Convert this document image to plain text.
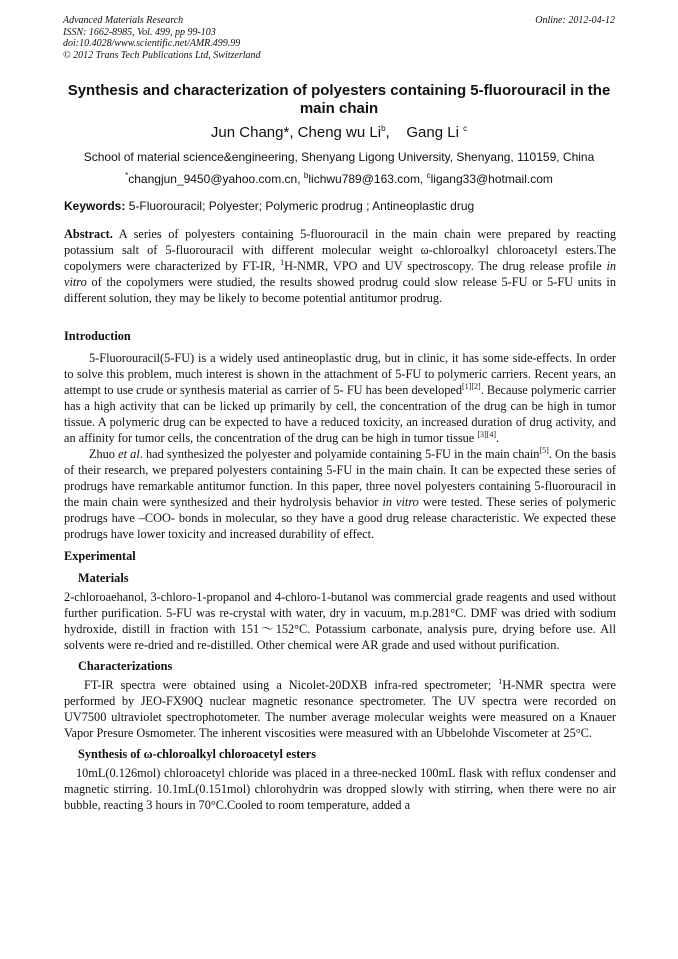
Advanced Materials Research
ISSN: 1662-8985, Vol. 499, pp 99-103
doi:10.4028/www.scientific.net/AMR.499.99
© 2012 Trans Tech Publications Ltd, Switzerland
Online: 2012-04-12
Synthesis and characterization of polyesters containing 5-fluorouracil in the main chain
Jun Chang*, Cheng wu Li$^b$,    Gang Li $^c$
School of material science&engineering, Shenyang Ligong University, Shenyang, 110159, China
*changjun_9450@yahoo.com.cn, $^b$lichwu789@163.com, $^c$ligang33@hotmail.com
Keywords: 5-Fluorouracil; Polyester; Polymeric prodrug ; Antineoplastic drug

Abstract. A series of polyesters containing 5-fluorouracil in the main chain were prepared by reacting potassium salt of 5-fluorouracil with different molecular weight ω-chloroalkyl chloroacetyl esters.The copolymers were characterized by FT-IR, $^1$H-NMR, VPO and UV spectroscopy. The drug release profile in vitro of the copolymers were studied, the results showed prodrug could slow release 5-FU or 5-FU units in different solution, they may be likely to become potential antitumor prodrug.

Introduction

5-Fluorouracil(5-FU) is a widely used antineoplastic drug, but in clinic, it has some side-effects. In order to solve this problem, much interest is shown in the attachment of 5-FU to polymeric carriers. Recent years, an attempt to use crude or synthesis material as carrier of 5- FU has been developed[1][2]. Because polymeric carrier has a high activity that can be licked up primarily by cell, the concentration of the drug can be high in tumor tissue. A polymeric drug can be expected to have a reduced toxicity, an increased duration of drug activity, and an affinity for tumor cells, the concentration of the drug can be high in tumor tissue [3][4].

Zhuo et al. had synthesized the polyester and polyamide containing 5-FU in the main chain[5]. On the basis of their research, we prepared polyesters containing 5-FU in the main chain. It can be expected these series of prodrugs have remarkable antitumor function. In this paper, three novel polyesters containing 5-fluorouracil in the main chain were synthesized and their hydrolysis behavior in vitro were tested. These series of polymeric prodrugs have –COO- bonds in molecular, so they have a good drug release characteristic. We expected these prodrugs have lower toxicity and increased durability of effect.

Experimental
Materials

2-chloroaehanol, 3-chloro-1-propanol and 4-chloro-1-butanol was commercial grade reagents and used without further purification. 5-FU was re-crystal with water, dry in vacuum, m.p.281°C. DMF was dried with sodium hydroxide, distill in fraction with 151～152°C. Potassium carbonate, analysis pure, drying before use. All solvents were re-dried and re-distilled. Other chemical were AR grade and used without purification.

Characterizations

FT-IR spectra were obtained using a Nicolet-20DXB infra-red spectrometer; $^1$H-NMR spectra were performed by JEO-FX90Q nuclear magnetic resonance spectrometer. The UV spectra were recorded on UV7500 ultraviolet spectrophotometer. The number average molecular weights were measured on a Knauer Vapor Presure Osmometer. The inherent viscosities were measured with an Ubbelohde Viscometer at 25°C.

Synthesis of ω-chloroalkyl chloroacetyl esters

10mL(0.126mol) chloroacetyl chloride was placed in a three-necked 100mL flask with reflux condenser and magnetic stirring. 10.1mL(0.151mol) chlorohydrin was dropped slowly with stirring, when there were no air bubble, reacting 3 hours in 70°C.Cooled to room temperature, added a
